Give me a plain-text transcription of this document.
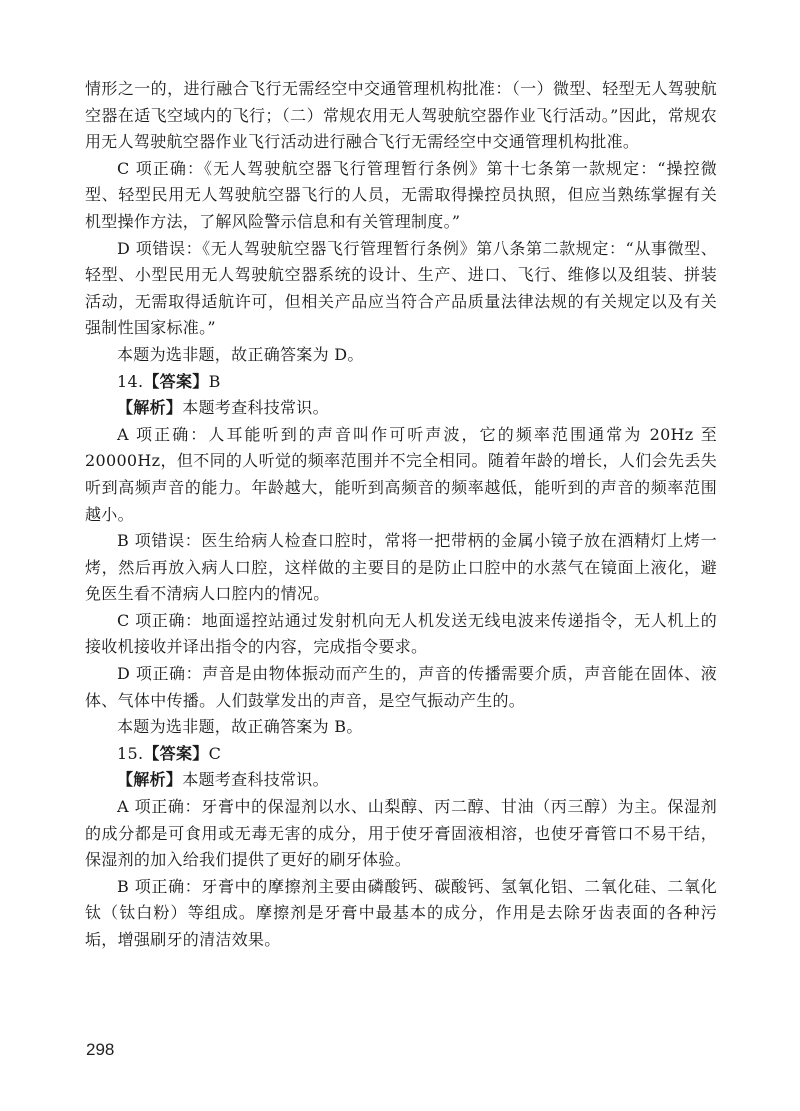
情形之一的，进行融合飞行无需经空中交通管理机构批准：（一）微型、轻型无人驾驶航空器在适飞空域内的飞行；（二）常规农用无人驾驶航空器作业飞行活动。”因此，常规农用无人驾驶航空器作业飞行活动进行融合飞行无需经空中交通管理机构批准。

C 项正确：《无人驾驶航空器飞行管理暂行条例》第十七条第一款规定：“操控微型、轻型民用无人驾驶航空器飞行的人员，无需取得操控员执照，但应当熟练掌握有关机型操作方法，了解风险警示信息和有关管理制度。”

D 项错误：《无人驾驶航空器飞行管理暂行条例》第八条第二款规定：“从事微型、轻型、小型民用无人驾驶航空器系统的设计、生产、进口、飞行、维修以及组装、拼装活动，无需取得适航许可，但相关产品应当符合产品质量法律法规的有关规定以及有关强制性国家标准。”

本题为选非题，故正确答案为 D。

14.【答案】B

【解析】本题考查科技常识。

A 项正确：人耳能听到的声音叫作可听声波，它的频率范围通常为 20Hz 至 20000Hz，但不同的人听觉的频率范围并不完全相同。随着年龄的增长，人们会先丢失听到高频声音的能力。年龄越大，能听到高频音的频率越低，能听到的声音的频率范围越小。

B 项错误：医生给病人检查口腔时，常将一把带柄的金属小镜子放在酒精灯上烤一烤，然后再放入病人口腔，这样做的主要目的是防止口腔中的水蒸气在镜面上液化，避免医生看不清病人口腔内的情况。

C 项正确：地面遥控站通过发射机向无人机发送无线电波来传递指令，无人机上的接收机接收并译出指令的内容，完成指令要求。

D 项正确：声音是由物体振动而产生的，声音的传播需要介质，声音能在固体、液体、气体中传播。人们鼓掌发出的声音，是空气振动产生的。

本题为选非题，故正确答案为 B。

15.【答案】C

【解析】本题考查科技常识。

A 项正确：牙膏中的保湿剂以水、山梨醇、丙二醇、甘油（丙三醇）为主。保湿剂的成分都是可食用或无毒无害的成分，用于使牙膏固液相溶，也使牙膏管口不易干结，保湿剂的加入给我们提供了更好的刷牙体验。

B 项正确：牙膏中的摩擦剂主要由磷酸钙、碳酸钙、氢氧化铝、二氧化硅、二氧化钛（钛白粉）等组成。摩擦剂是牙膏中最基本的成分，作用是去除牙齿表面的各种污垢，增强刷牙的清洁效果。

298
